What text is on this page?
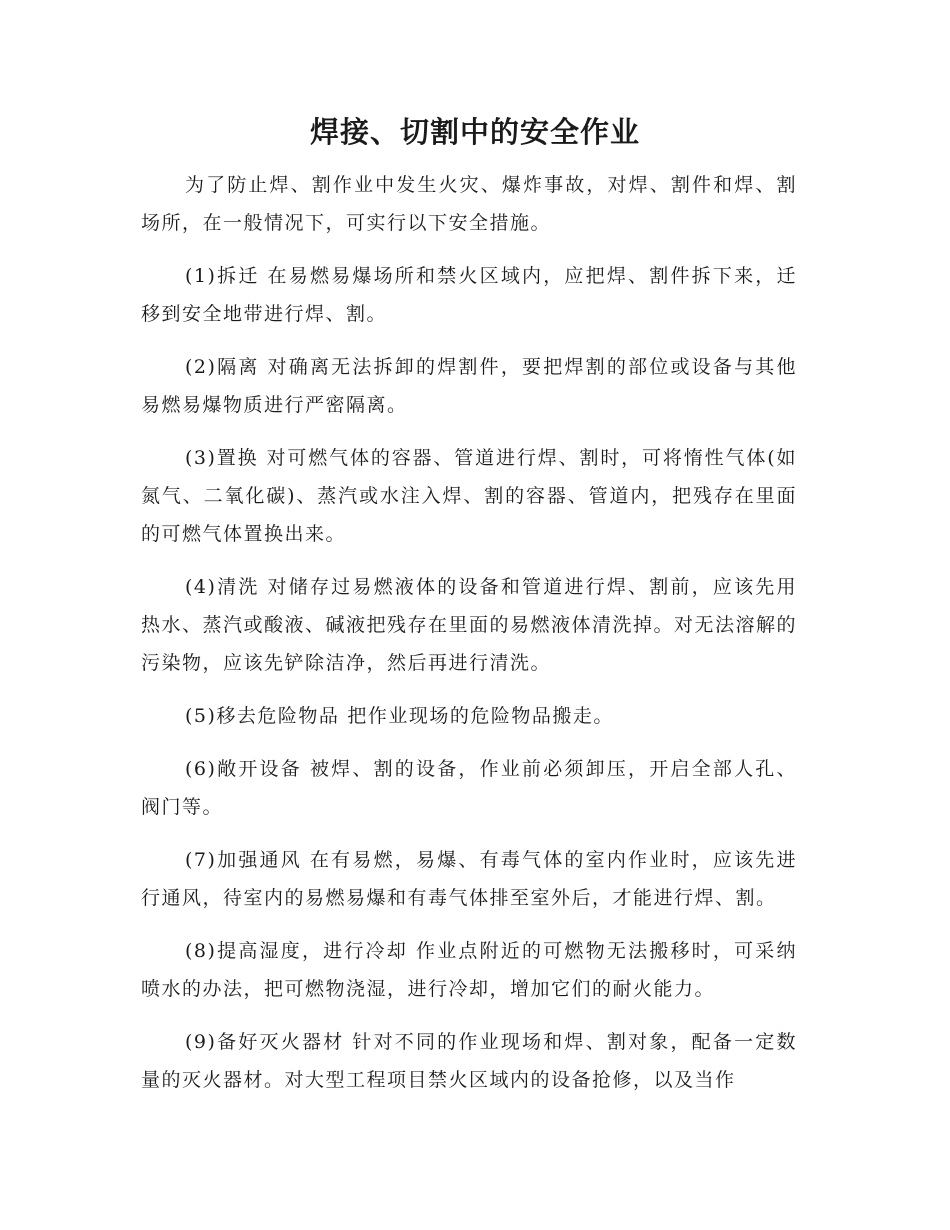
焊接、切割中的安全作业

为了防止焊、割作业中发生火灾、爆炸事故，对焊、割件和焊、割场所，在一般情况下，可实行以下安全措施。

(1)拆迁 在易燃易爆场所和禁火区域内，应把焊、割件拆下来，迁移到安全地带进行焊、割。

(2)隔离 对确离无法拆卸的焊割件，要把焊割的部位或设备与其他易燃易爆物质进行严密隔离。

(3)置换 对可燃气体的容器、管道进行焊、割时，可将惰性气体(如氮气、二氧化碳)、蒸汽或水注入焊、割的容器、管道内，把残存在里面的可燃气体置换出来。

(4)清洗 对储存过易燃液体的设备和管道进行焊、割前，应该先用热水、蒸汽或酸液、碱液把残存在里面的易燃液体清洗掉。对无法溶解的污染物，应该先铲除洁净，然后再进行清洗。

(5)移去危险物品 把作业现场的危险物品搬走。

(6)敞开设备 被焊、割的设备，作业前必须卸压，开启全部人孔、阀门等。

(7)加强通风 在有易燃，易爆、有毒气体的室内作业时，应该先进行通风，待室内的易燃易爆和有毒气体排至室外后，才能进行焊、割。

(8)提高湿度，进行冷却 作业点附近的可燃物无法搬移时，可采纳喷水的办法，把可燃物浇湿，进行冷却，增加它们的耐火能力。

(9)备好灭火器材 针对不同的作业现场和焊、割对象，配备一定数量的灭火器材。对大型工程项目禁火区域内的设备抢修，以及当作
